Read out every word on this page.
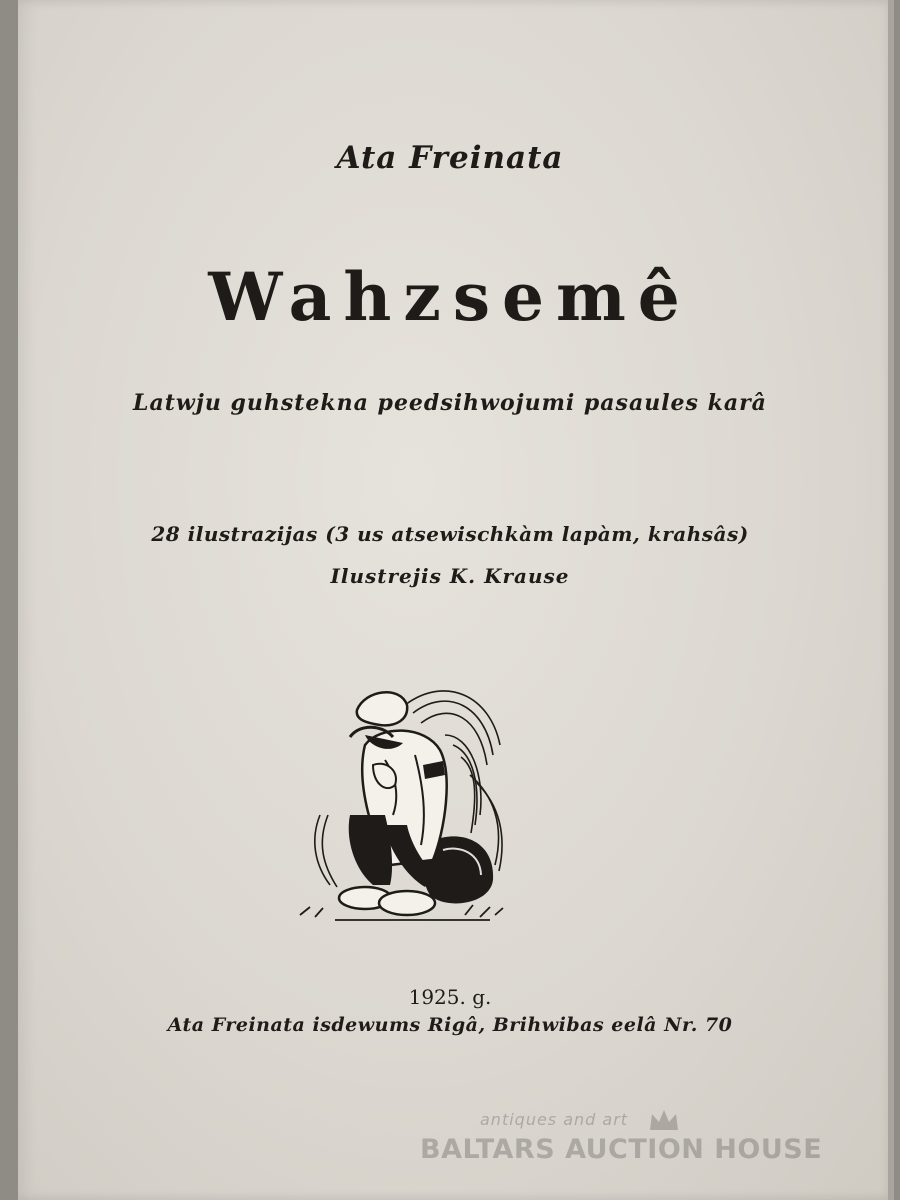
Ata Freinata
Wahzsemê
Latwju guhstekna peedsihwojumi pasaules karâ
28 ilustrazijas (3 us atsewischkàm lapàm, krahsâs)
Ilustrejis K. Krause
1925. g.
Ata Freinata isdewums Rigâ, Brihwibas eelâ Nr. 70
antiques and art
BALTARS AUCTION HOUSE
